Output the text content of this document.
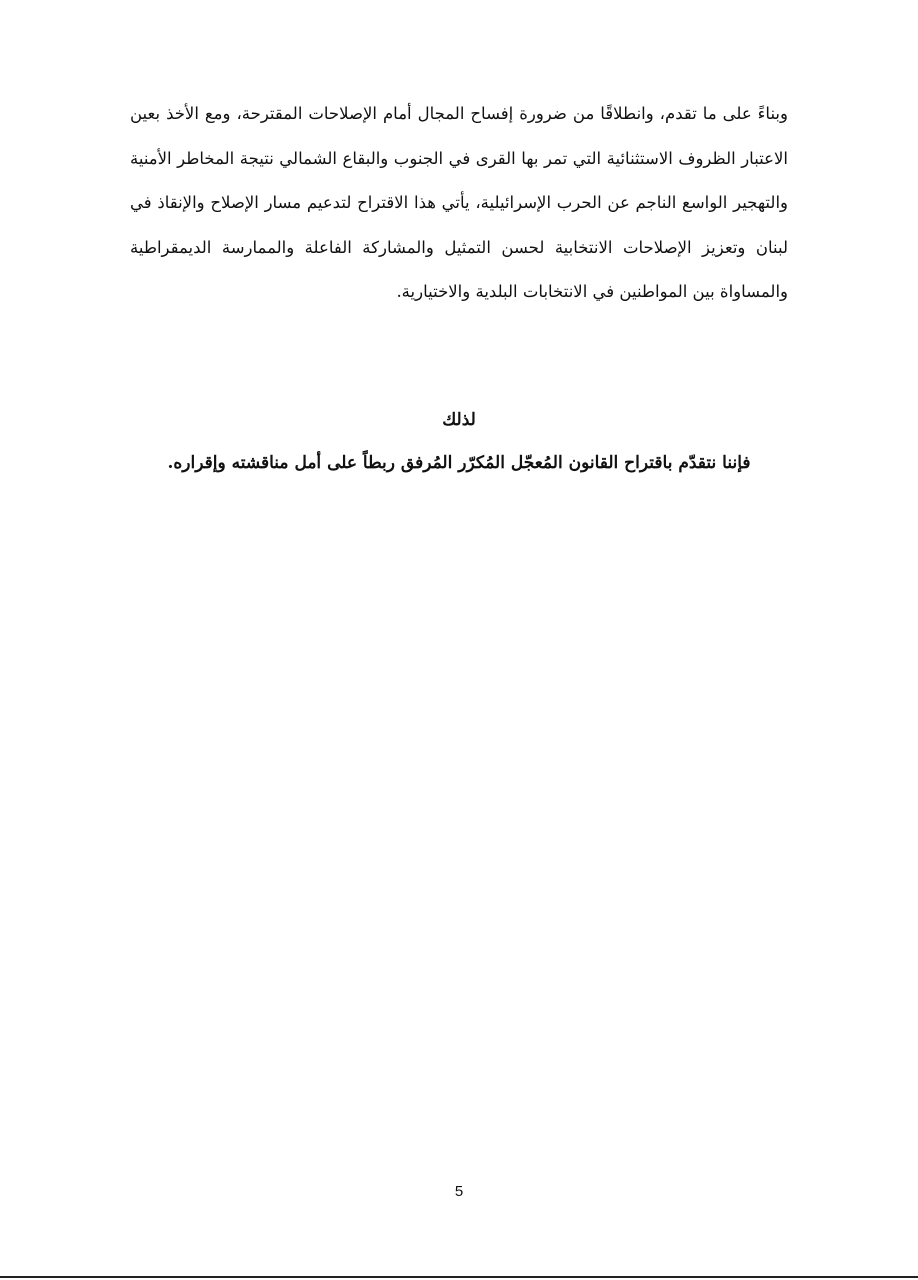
وبناءً على ما تقدم، وانطلاقًا من ضرورة إفساح المجال أمام الإصلاحات المقترحة، ومع الأخذ بعين الاعتبار الظروف الاستثنائية التي تمر بها القرى في الجنوب والبقاع الشمالي نتيجة المخاطر الأمنية والتهجير الواسع الناجم عن الحرب الإسرائيلية، يأتي هذا الاقتراح لتدعيم مسار الإصلاح والإنقاذ في لبنان وتعزيز الإصلاحات الانتخابية لحسن التمثيل والمشاركة الفاعلة والممارسة الديمقراطية والمساواة بين المواطنين في الانتخابات البلدية والاختيارية.

لذلك

فإننا نتقدّم باقتراح القانون المُعجّل المُكرّر المُرفق ربطاً على أمل مناقشته وإقراره.

5
